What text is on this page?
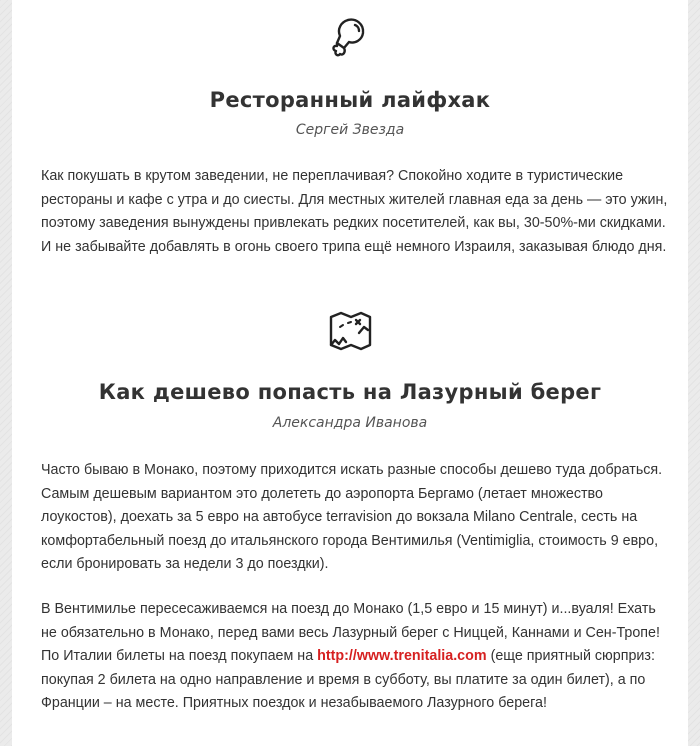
Ресторанный лайфхак

Сергей Звезда

Как покушать в крутом заведении, не переплачивая? Спокойно ходите в туристические рестораны и кафе с утра и до сиесты. Для местных жителей главная еда за день — это ужин, поэтому заведения вынуждены привлекать редких посетителей, как вы, 30-50%-ми скидками. И не забывайте добавлять в огонь своего трипа ещё немного Израиля, заказывая блюдо дня.

Как дешево попасть на Лазурный берег

Александра Иванова

Часто бываю в Монако, поэтому приходится искать разные способы дешево туда добраться. Самым дешевым вариантом это долететь до аэропорта Бергамо (летает множество лоукостов), доехать за 5 евро на автобусе terravision до вокзала Milano Centrale, сесть на комфортабельный поезд до итальянского города Вентимилья (Ventimiglia, стоимость 9 евро, если бронировать за недели 3 до поездки).

В Вентимилье пересесаживаемся на поезд до Монако (1,5 евро и 15 минут) и...вуаля! Ехать не обязательно в Монако, перед вами весь Лазурный берег с Ниццей, Каннами и Сен-Тропе! По Италии билеты на поезд покупаем на http://www.trenitalia.com (еще приятный сюрприз: покупая 2 билета на одно направление и время в субботу, вы платите за один билет), а по Франции – на месте. Приятных поездок и незабываемого Лазурного берега!
